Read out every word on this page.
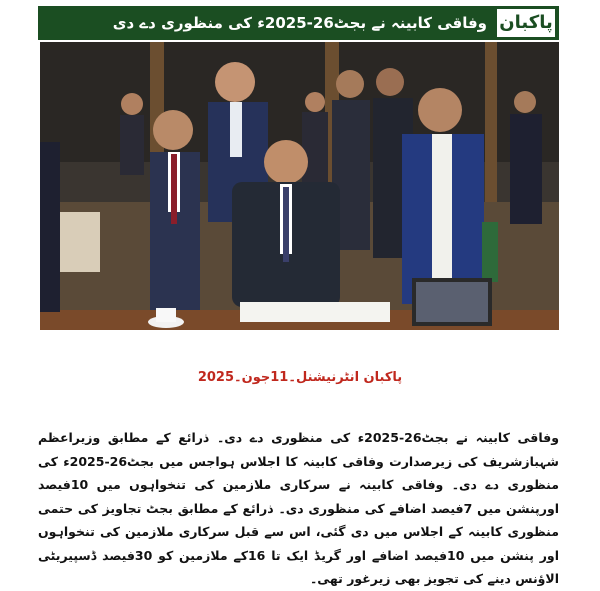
پاکبان
وفاقی کابینہ نے بجٹ26-2025ء کی منظوری دے دی
پاکبان انٹرنیشنل۔11جون۔2025
وفاقی کابینہ نے بجٹ26-2025ء کی منظوری دے دی۔ ذرائع کے مطابق وزیراعظم شہبازشریف کی زیرصدارت وفاقی کابینہ کا اجلاس ہواجس میں بجٹ26-2025ء کی منظوری دے دی۔ وفاقی کابینہ نے سرکاری ملازمین کی تنخواہوں میں 10فیصد اورپنشن میں 7فیصد اضافے کی منظوری دی۔ ذرائع کے مطابق بجٹ تجاویز کی حتمی منظوری کابینہ کے اجلاس میں دی گئی، اس سے قبل سرکاری ملازمین کی تنخواہوں اور پنشن میں 10فیصد اضافے اور گریڈ ایک تا 16کے ملازمین کو 30فیصد ڈسپیریٹی الاؤنس دینے کی تجویز بھی زیرغور تھی۔
